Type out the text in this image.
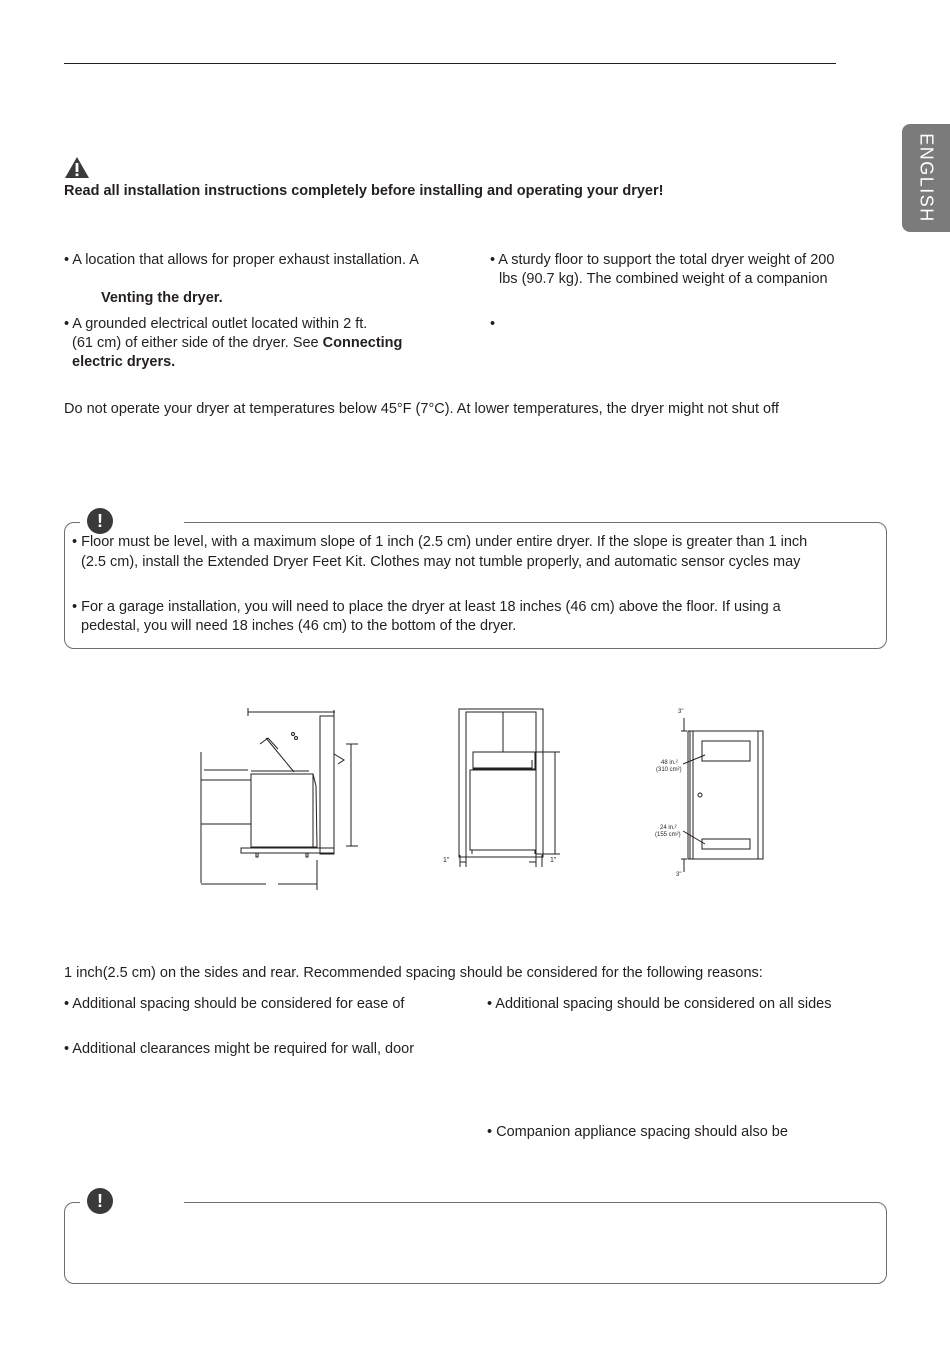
ENGLISH
Read all installation instructions completely before installing and operating your dryer!
• A location that allows for proper exhaust installation. A
Venting the dryer.
• A grounded electrical outlet located within 2 ft.
(61 cm) of either side of the dryer. See Connecting
electric dryers.
• A sturdy floor to support the total dryer weight of 200
lbs (90.7 kg). The combined weight of a companion
•
Do not operate your dryer at temperatures below 45°F (7°C). At lower temperatures, the dryer might not shut off
!
• Floor must be level, with a maximum slope of 1 inch (2.5 cm) under entire dryer. If the slope is greater than 1 inch
(2.5 cm), install the Extended Dryer Feet Kit. Clothes may not tumble properly, and automatic sensor cycles may
• For a garage installation, you will need to place the dryer at least 18 inches (46 cm) above the floor. If using a
pedestal, you will need 18 inches (46 cm) to the bottom of the dryer.
1"	1"
3"
3"
48 in.²
(310 cm²)
24 in.²
(155 cm²)
1 inch(2.5 cm) on the sides and rear. Recommended spacing should be considered for the following reasons:
• Additional spacing should be considered for ease of
• Additional clearances might be required for wall, door
• Additional spacing should be considered on all sides
• Companion appliance spacing should also be
!
